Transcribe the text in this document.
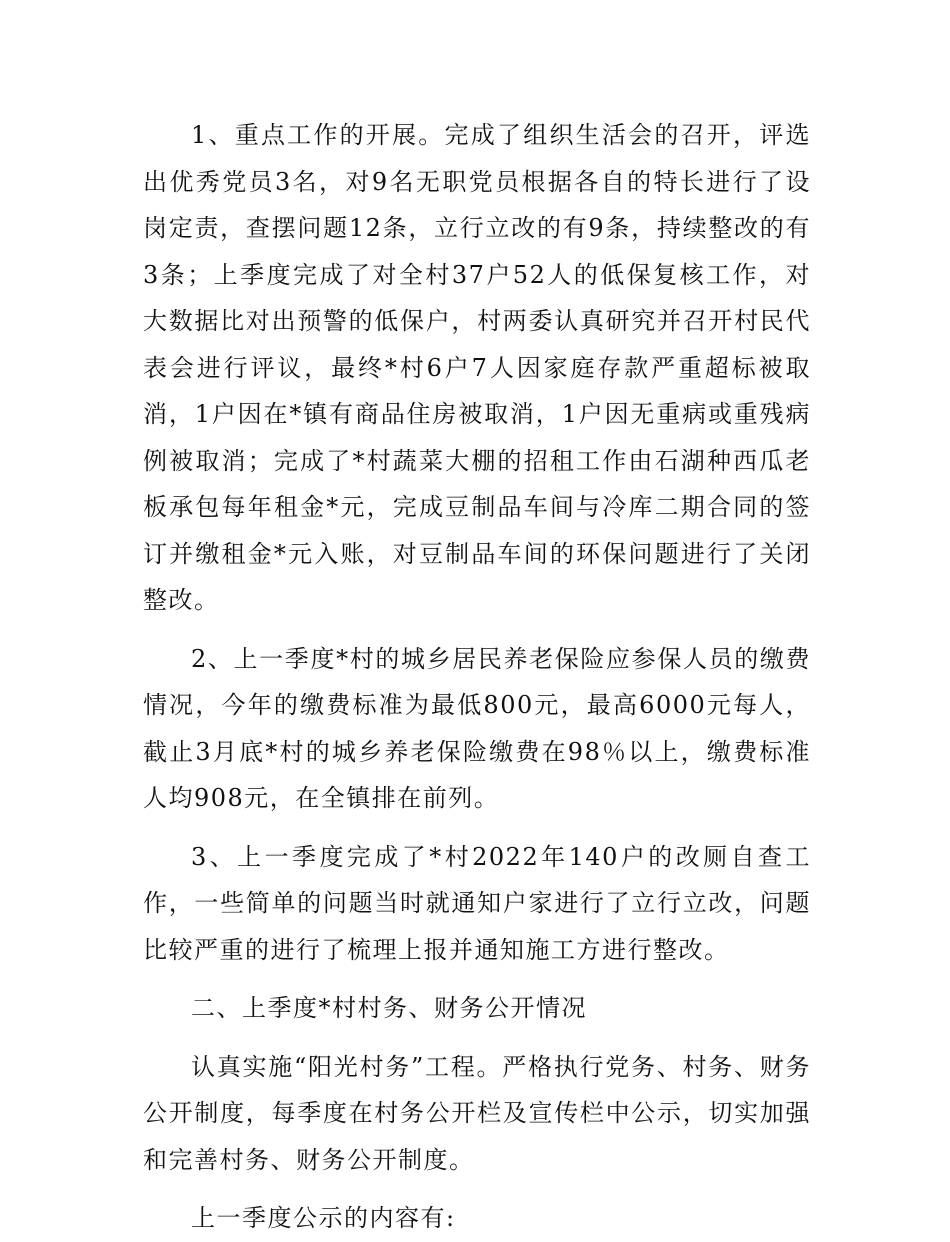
1、重点工作的开展。完成了组织生活会的召开，评选出优秀党员3名，对9名无职党员根据各自的特长进行了设岗定责，查摆问题12条，立行立改的有9条，持续整改的有3条；上季度完成了对全村37户52人的低保复核工作，对大数据比对出预警的低保户，村两委认真研究并召开村民代表会进行评议，最终*村6户7人因家庭存款严重超标被取消，1户因在*镇有商品住房被取消，1户因无重病或重残病例被取消；完成了*村蔬菜大棚的招租工作由石湖种西瓜老板承包每年租金*元，完成豆制品车间与冷库二期合同的签订并缴租金*元入账，对豆制品车间的环保问题进行了关闭整改。

2、上一季度*村的城乡居民养老保险应参保人员的缴费情况，今年的缴费标准为最低800元，最高6000元每人，截止3月底*村的城乡养老保险缴费在98％以上，缴费标准人均908元，在全镇排在前列。

3、上一季度完成了*村2022年140户的改厕自查工作，一些简单的问题当时就通知户家进行了立行立改，问题比较严重的进行了梳理上报并通知施工方进行整改。

二、上季度*村村务、财务公开情况

认真实施“阳光村务”工程。严格执行党务、村务、财务公开制度，每季度在村务公开栏及宣传栏中公示，切实加强和完善村务、财务公开制度。

上一季度公示的内容有:
